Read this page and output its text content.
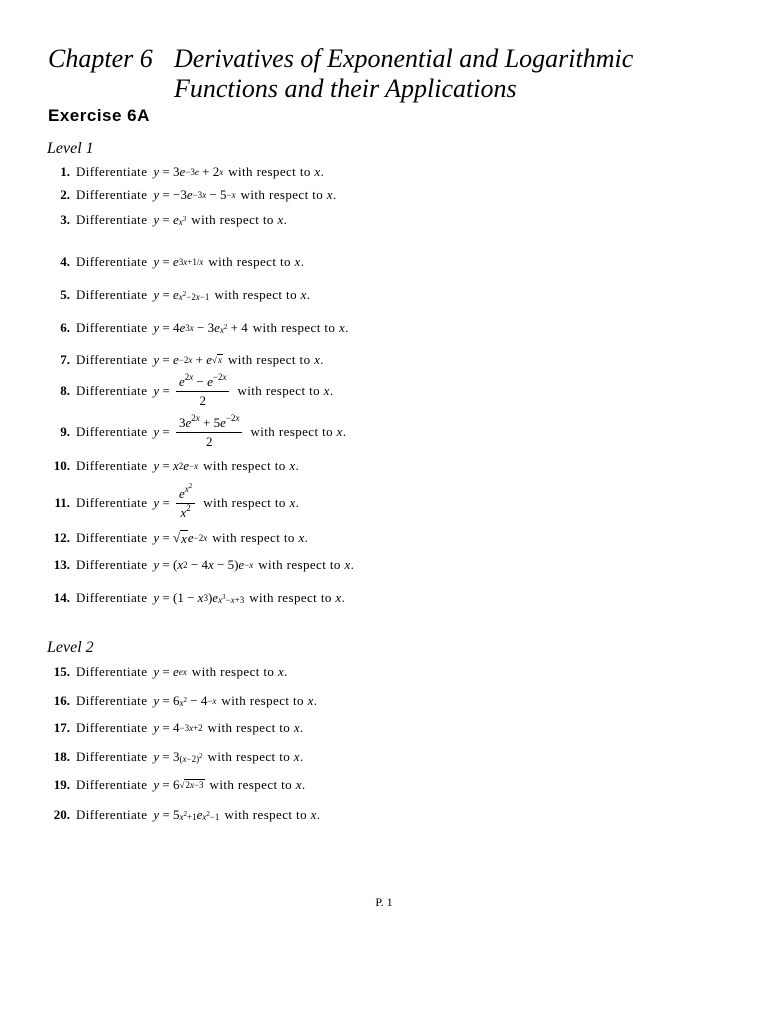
Chapter 6 Derivatives of Exponential and Logarithmic
Functions and their Applications
Exercise 6A
Level 1
Level 2
1. Differentiate y = 3 e −3e + 2 x with respect to x.
2. Differentiate y = −3 e −3x − 5 −x with respect to x.
3. Differentiate y = e $x^3$ with respect to x.
4. Differentiate y = e 3x+1/x with respect to x.
5. Differentiate y = e $x^2-2x-1$ with respect to x.
6. Differentiate y = 4 e 3x − 3 e $x^2 + 4$ with respect to x.
7. Differentiate y = e −2x + e √x with respect to x.
8. Differentiate $y = \frac{e^{2x} - e^{-2x}}{2}$ with respect to x.
9. Differentiate $y = \frac{3e^{2x} + 5e^{-2x}}{2}$ with respect to x.
10. Differentiate y = x 2 e −x with respect to x.
11. Differentiate $y = \frac{e^{x^2}}{x^2}$ with respect to x.
12. Differentiate y = √ x e −2x with respect to x.
13. Differentiate y = ( x 2 − 4 x − 5) e −x with respect to x.
14. Differentiate y = (1 − x 3 ) e $x^3-x+3$ with respect to x.
15. Differentiate y = e ex with respect to x.
16. Differentiate y = 6 $x^2 - 4 -x$ with respect to x.
17. Differentiate y = 4 −3x+2 with respect to x.
18. Differentiate y = 3 $(x-2)^2$ with respect to x.
19. Differentiate y = 6 √2x−3 with respect to x.
20. Differentiate y = 5 $x^2+1$ e $x^2-1$ with respect to x.
P. 1
